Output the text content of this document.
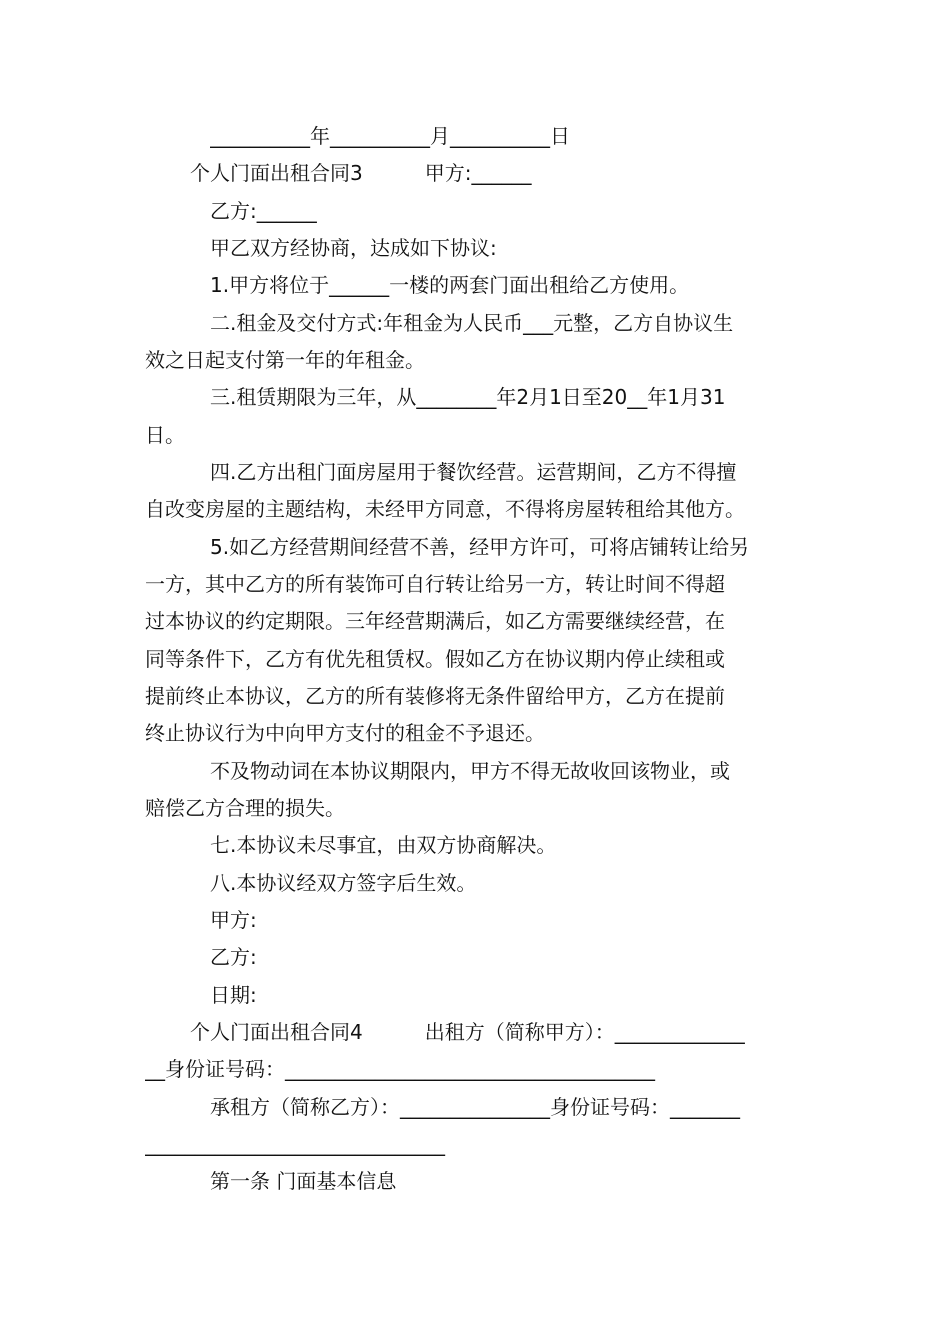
__________年__________月__________日
个人门面出租合同3	甲方:______
乙方:______
甲乙双方经协商，达成如下协议:
1.甲方将位于______一楼的两套门面出租给乙方使用。
二.租金及交付方式:年租金为人民币___元整，乙方自协议生
效之日起支付第一年的年租金。
三.租赁期限为三年，从________年2月1日至20__年1月31
日。
四.乙方出租门面房屋用于餐饮经营。运营期间，乙方不得擅
自改变房屋的主题结构，未经甲方同意，不得将房屋转租给其他方。
5.如乙方经营期间经营不善，经甲方许可，可将店铺转让给另
一方，其中乙方的所有装饰可自行转让给另一方，转让时间不得超
过本协议的约定期限。三年经营期满后，如乙方需要继续经营，在
同等条件下，乙方有优先租赁权。假如乙方在协议期内停止续租或
提前终止本协议，乙方的所有装修将无条件留给甲方，乙方在提前
终止协议行为中向甲方支付的租金不予退还。
不及物动词在本协议期限内，甲方不得无故收回该物业，或
赔偿乙方合理的损失。
七.本协议未尽事宜，由双方协商解决。
八.本协议经双方签字后生效。
甲方:
乙方:
日期:
个人门面出租合同4	出租方（简称甲方）：_____________
__身份证号码：_____________________________________
承租方（简称乙方）：_______________身份证号码：_______
______________________________
第一条 门面基本信息
